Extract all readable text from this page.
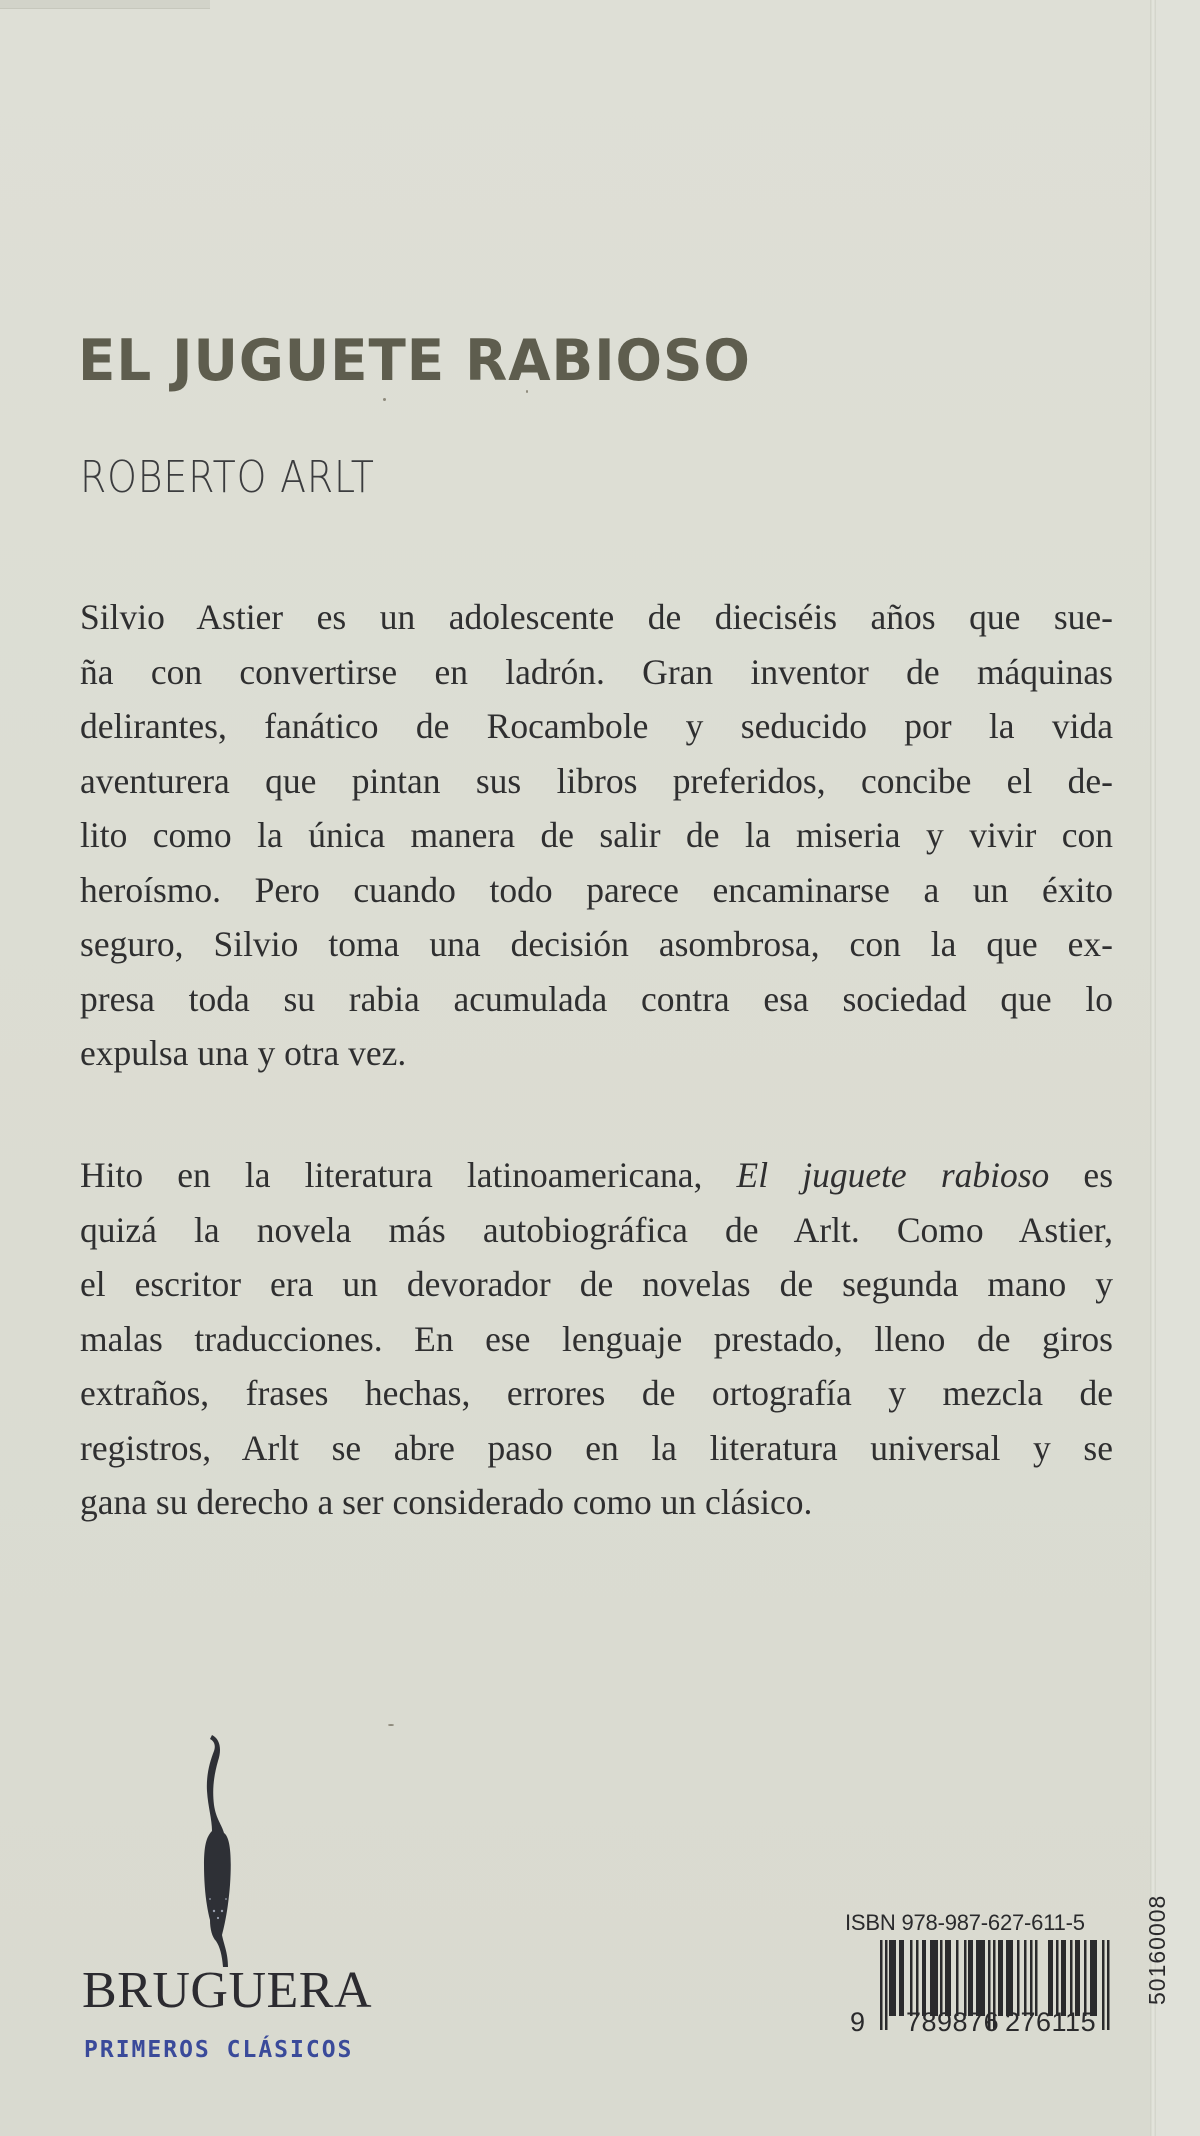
EL JUGUETE RABIOSO
ROBERTO ARLT
Silvio Astier es un adolescente de dieciséis años que sue-
ña con convertirse en ladrón. Gran inventor de máquinas
delirantes, fanático de Rocambole y seducido por la vida
aventurera que pintan sus libros preferidos, concibe el de-
lito como la única manera de salir de la miseria y vivir con
heroísmo. Pero cuando todo parece encaminarse a un éxito
seguro, Silvio toma una decisión asombrosa, con la que ex-
presa toda su rabia acumulada contra esa sociedad que lo
expulsa una y otra vez.
Hito en la literatura latinoamericana, El juguete rabioso es
quizá la novela más autobiográfica de Arlt. Como Astier,
el escritor era un devorador de novelas de segunda mano y
malas traducciones. En ese lenguaje prestado, lleno de giros
extraños, frases hechas, errores de ortografía y mezcla de
registros, Arlt se abre paso en la literatura universal y se
gana su derecho a ser considerado como un clásico.
BRUGUERA
PRIMEROS CLÁSICOS
ISBN 978-987-627-611-5
9 789876 276115
50160008
